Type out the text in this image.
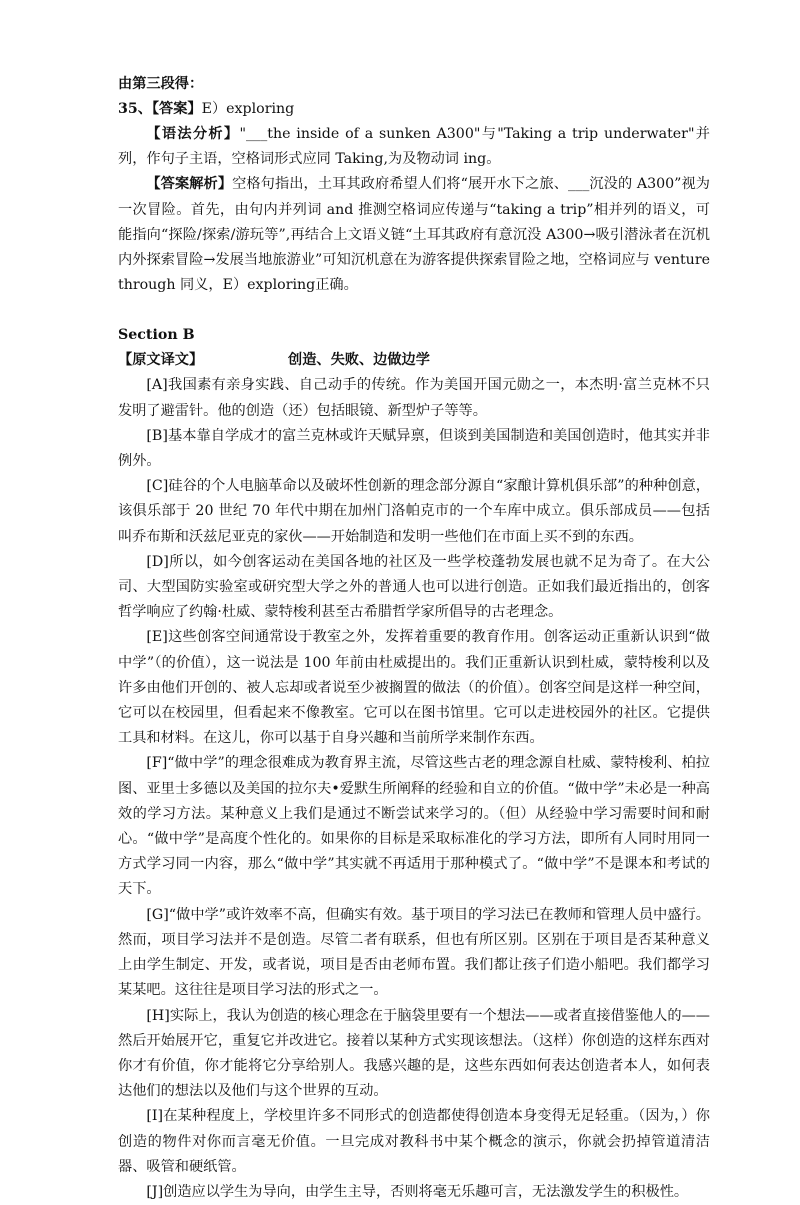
由第三段得：

35、【答案】E）exploring

【语法分析】"___the inside of a sunken A300"与"Taking a trip underwater"并列，作句子主语，空格词形式应同 Taking,为及物动词 ing。

【答案解析】空格句指出，土耳其政府希望人们将“展开水下之旅、___沉没的 A300”视为一次冒险。首先，由句内并列词 and 推测空格词应传递与“taking a trip”相并列的语义，可能指向“探险/探索/游玩等”,再结合上文语义链“土耳其政府有意沉没 A300→吸引潜泳者在沉机内外探索冒险→发展当地旅游业”可知沉机意在为游客提供探索冒险之地，空格词应与 venture through 同义，E）exploring正确。

Section B

【原文译文】	创造、失败、边做边学

[A]我国素有亲身实践、自己动手的传统。作为美国开国元勋之一，本杰明·富兰克林不只发明了避雷针。他的创造（还）包括眼镜、新型炉子等等。

[B]基本靠自学成才的富兰克林或许天赋异禀，但谈到美国制造和美国创造时，他其实并非例外。

[C]硅谷的个人电脑革命以及破坏性创新的理念部分源自“家酿计算机俱乐部”的种种创意，该俱乐部于 20 世纪 70 年代中期在加州门洛帕克市的一个车库中成立。俱乐部成员——包括叫乔布斯和沃兹尼亚克的家伙——开始制造和发明一些他们在市面上买不到的东西。

[D]所以，如今创客运动在美国各地的社区及一些学校蓬勃发展也就不足为奇了。在大公司、大型国防实验室或研究型大学之外的普通人也可以进行创造。正如我们最近指出的，创客哲学响应了约翰·杜威、蒙特梭利甚至古希腊哲学家所倡导的古老理念。

[E]这些创客空间通常设于教室之外，发挥着重要的教育作用。创客运动正重新认识到“做中学”（的价值），这一说法是 100 年前由杜威提出的。我们正重新认识到杜威，蒙特梭利以及许多由他们开创的、被人忘却或者说至少被搁置的做法（的价值）。创客空间是这样一种空间，它可以在校园里，但看起来不像教室。它可以在图书馆里。它可以走进校园外的社区。它提供工具和材料。在这儿，你可以基于自身兴趣和当前所学来制作东西。

[F]“做中学”的理念很难成为教育界主流，尽管这些古老的理念源自杜威、蒙特梭利、柏拉图、亚里士多德以及美国的拉尔夫•爱默生所阐释的经验和自立的价值。“做中学”未必是一种高效的学习方法。某种意义上我们是通过不断尝试来学习的。（但）从经验中学习需要时间和耐心。“做中学”是高度个性化的。如果你的目标是采取标准化的学习方法，即所有人同时用同一方式学习同一内容，那么“做中学”其实就不再适用于那种模式了。“做中学”不是课本和考试的天下。

[G]“做中学”或许效率不高，但确实有效。基于项目的学习法已在教师和管理人员中盛行。然而，项目学习法并不是创造。尽管二者有联系，但也有所区别。区别在于项目是否某种意义上由学生制定、开发，或者说，项目是否由老师布置。我们都让孩子们造小船吧。我们都学习某某吧。这往往是项目学习法的形式之一。

[H]实际上，我认为创造的核心理念在于脑袋里要有一个想法——或者直接借鉴他人的——然后开始展开它，重复它并改进它。接着以某种方式实现该想法。（这样）你创造的这样东西对你才有价值，你才能将它分享给别人。我感兴趣的是，这些东西如何表达创造者本人，如何表达他们的想法以及他们与这个世界的互动。

[I]在某种程度上，学校里许多不同形式的创造都使得创造本身变得无足轻重。（因为，）你创造的物件对你而言毫无价值。一旦完成对教科书中某个概念的演示，你就会扔掉管道清洁器、吸管和硬纸管。

[J]创造应以学生为导向，由学生主导，否则将毫无乐趣可言，无法激发学生的积极性。
